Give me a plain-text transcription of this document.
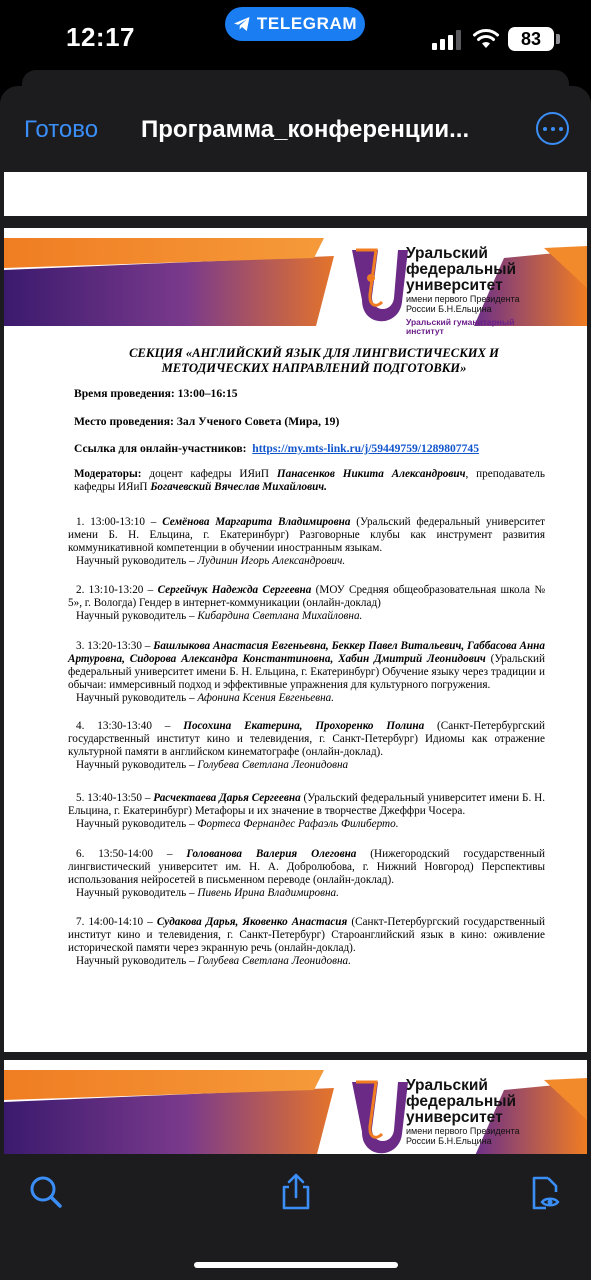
12:17	TELEGRAM
83
Готово Программа_конференции...
Уральский
федеральный
университет
имени первого Президента
России Б.Н.Ельцина
Уральский гуманитарный
институт
СЕКЦИЯ «АНГЛИЙСКИЙ ЯЗЫК ДЛЯ ЛИНГВИСТИЧЕСКИХ И
МЕТОДИЧЕСКИХ НАПРАВЛЕНИЙ ПОДГОТОВКИ»
Время проведения: 13:00–16:15
Место проведения: Зал Ученого Совета (Мира, 19)
Ссылка для онлайн-участников: https://my.mts-link.ru/j/59449759/1289807745
Модераторы: доцент кафедры ИЯиП Панасенков Никита Александрович, преподаватель кафедры ИЯиП Богачевский Вячеслав Михайлович.
1. 13:00-13:10 – Семёнова Маргарита Владимировна (Уральский федеральный университет имени Б. Н. Ельцина, г. Екатеринбург) Разговорные клубы как инструмент развития коммуникативной компетенции в обучении иностранным языкам.
Научный руководитель – Лудинин Игорь Александрович.
2. 13:10-13:20 – Сергейчук Надежда Сергеевна (МОУ Средняя общеобразовательная школа № 5», г. Вологда) Гендер в интернет-коммуникации (онлайн-доклад)
Научный руководитель – Кибардина Светлана Михайловна.
3. 13:20-13:30 – Башлыкова Анастасия Евгеньевна, Беккер Павел Витальевич, Габбасова Анна Артуровна, Сидорова Александра Константиновна, Хабин Дмитрий Леонидович (Уральский федеральный университет имени Б. Н. Ельцина, г. Екатеринбург) Обучение языку через традиции и обычаи: иммерсивный подход и эффективные упражнения для культурного погружения.
Научный руководитель – Афонина Ксения Евгеньевна.
4. 13:30-13:40 – Посохина Екатерина, Прохоренко Полина (Санкт-Петербургский государственный институт кино и телевидения, г. Санкт-Петербург) Идиомы как отражение культурной памяти в английском кинематографе (онлайн-доклад).
Научный руководитель – Голубева Светлана Леонидовна
5. 13:40-13:50 – Расчектаева Дарья Сергеевна (Уральский федеральный университет имени Б. Н. Ельцина, г. Екатеринбург) Метафоры и их значение в творчестве Джеффри Чосера.
Научный руководитель – Фортеса Фернандес Рафаэль Филиберто.
6. 13:50-14:00 – Голованова Валерия Олеговна (Нижегородский государственный лингвистический университет им. Н. А. Добролюбова, г. Нижний Новгород) Перспективы использования нейросетей в письменном переводе (онлайн-доклад).
Научный руководитель – Пивень Ирина Владимировна.
7. 14:00-14:10 – Судакова Дарья, Яковенко Анастасия (Санкт-Петербургский государственный институт кино и телевидения, г. Санкт-Петербург) Староанглийский язык в кино: оживление исторической памяти через экранную речь (онлайн-доклад).
Научный руководитель – Голубева Светлана Леонидовна.
Уральский
федеральный
университет
имени первого Президента
России Б.Н.Ельцина
